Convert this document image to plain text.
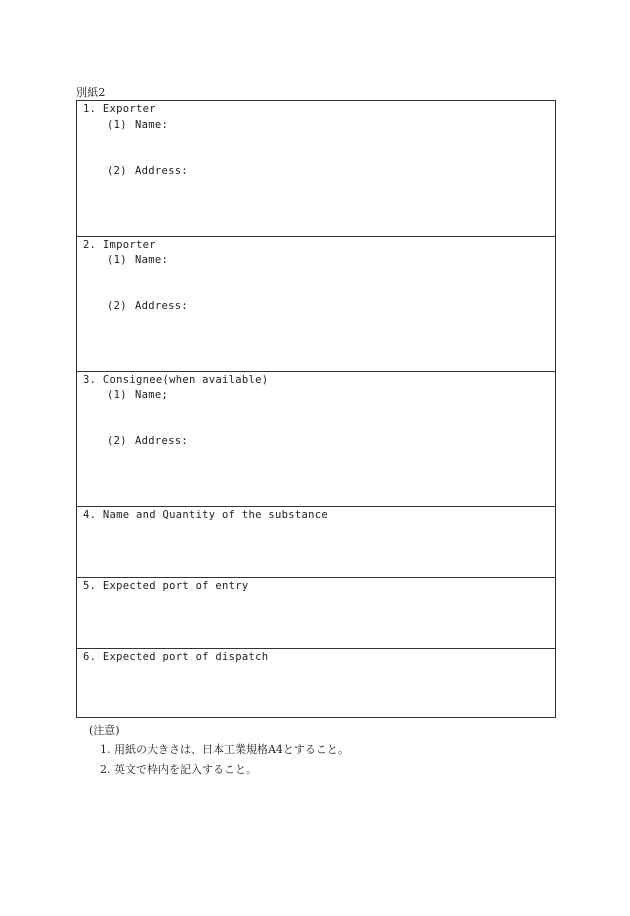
別紙2
1. Exporter
(1) Name:
(2) Address:
2. Importer
(1) Name:
(2) Address:
3. Consignee(when available)
(1) Name;
(2) Address:
4. Name and Quantity of the substance
5. Expected port of entry
6. Expected port of dispatch
(注意)
1. 用紙の大きさは、日本工業規格A4とすること。
2. 英文で枠内を記入すること。
